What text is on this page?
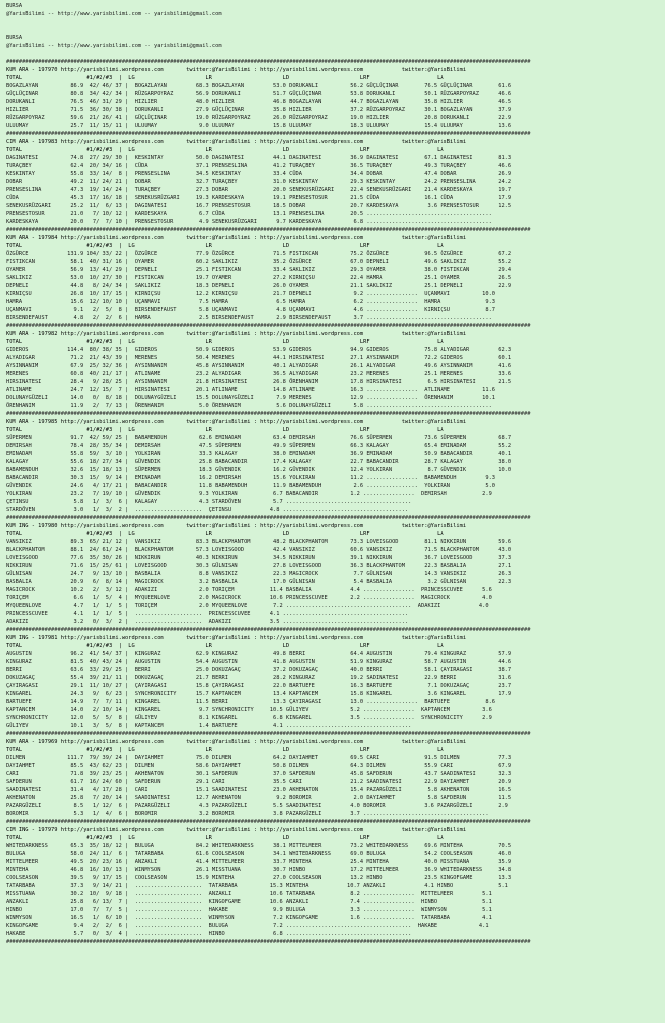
BURSA
@YarisBilimi -- http://www.yarisbilimi.com -- yarisbilimi@gmail.com
BURSA
@YarisBilimi -- http://www.yarisbilimi.com -- yarisbilimi@gmail.com
###################################################################################################################################################################
KUM ARA - 197970 http://yarisbilimi.wordpress.com       twitter:@YarisBilimi : http://yarisbilimi.wordpress.com            twitter:@YarisBilimi
TOTAL                    #1/#2/#3  |  LG                      LR                      LD                      LRF                     LA
BOGAZLAYAN          86.9  42/ 46/ 37 |  BOGAZLAYAN         68.3 BOGAZLAYAN         53.0 DORUKANLI          56.2 GÜÇLÜÇINAR        76.5 GÜÇLÜÇINAR        61.6
GÜÇLÜÇINAR          80.8  34/ 42/ 34 |  RÜZGARPOYRAZ       56.9 DORUKANLI          51.7 GÜÇLÜÇINAR         53.8 DORUKANLI         50.1 RÜZGARPOYRAZ      46.6
DORUKANLI           76.5  46/ 31/ 29 |  HIZLIER            48.0 HIZLIER            46.8 BOGAZLAYAN         44.7 BOGAZLAYAN        35.8 HIZLIER           46.5
HIZLIER             71.5  36/ 30/ 38 |  DORUKANLI          27.9 GÜÇLÜÇINAR         35.8 HIZLIER            37.2 RÜZGARPOYRAZ      30.1 BOGAZLAYAN        37.9
RÜZGARPOYRAZ        59.6  21/ 26/ 41 |  GÜÇLÜÇINAR         19.0 RÜZGARPOYRAZ       26.0 RÜZGARPOYRAZ       19.0 HIZLIER           20.8 DORUKANLI         22.9
ULUUMAY             25.7  11/ 15/ 11 |  ULUUMAY             9.0 ULUUMAY            15.8 ULUUMAY            18.3 ULUUMAY           15.4 ULUUMAY           13.6
###################################################################################################################################################################
CIM ARA - 197983 http://yarisbilimi.wordpress.com       twitter:@YarisBilimi : http://yarisbilimi.wordpress.com            twitter:@YarisBilimi
TOTAL                    #1/#2/#3  |  LG                      LR                      LD                      LRF                     LA
DAGINATESI          74.8  27/ 29/ 30 |  KESKINTAY          50.0 DAGINATESI         44.1 DAGINATESI         36.9 DAGINATESI        67.1 DAGINATESI        81.3
TURAÇBEY            62.4  20/ 34/ 16 |  CÜDA               37.1 PRENSESLINA        41.2 TURAÇBEY           36.5 TURAÇBEY          49.3 TURAÇBEY          46.6
KESKINTAY           55.8  33/ 14/  8 |  PRENSESLINA        34.5 KESKINTAY          33.4 CÜDA               34.4 DOBAR             47.4 DOBAR             26.9
DOBAR               49.2  11/ 24/ 21 |  DOBAR              32.7 TURAÇBEY           31.0 KESKINTAY          29.3 KESKINTAY         24.2 PRENSESLINA       24.2
PRENSESLINA         47.3  19/ 14/ 24 |  TURAÇBEY           27.3 DOBAR              20.0 SENEKUSRÜZGARI     22.4 SENEKUSRÜZGARI    21.4 KARDESKAYA        19.7
CÜDA                45.3  17/ 16/ 18 |  SENEKUSRÜZGARI     19.3 KARDESKAYA         19.1 PRENSESTOSUR       21.5 CÜDA              16.1 CÜDA              17.9
SENEKUSRÜZGARI      25.2  11/  6/ 13 |  DAGINATESI         16.7 PRENSESTOSUR       18.5 DOBAR              20.7 KARDESKAYA         3.6 PRENSESTOSUR      12.5
PRENSESTOSUR        21.0   7/ 10/ 12 |  KARDESKAYA          6.7 CÜDA               13.1 PRENSESLINA        20.5 .......................................
KARDESKAYA          20.0   7/  7/ 10 |  PRENSESTOSUR        4.9 SENEKUSRÜZGARI      9.7 KARDESKAYA          6.8 .......................................
###################################################################################################################################################################
KUM ARA - 197984 http://yarisbilimi.wordpress.com       twitter:@YarisBilimi : http://yarisbilimi.wordpress.com            twitter:@YarisBilimi
TOTAL                    #1/#2/#3  |  LG                      LR                      LD                      LRF                     LA
ÖZGÜRCE            131.9 104/ 33/ 22 |  ÖZGÜRCE            77.9 ÖZGÜRCE            71.5 FISTIKCAN          75.2 ÖZGÜRCE           96.5 ÖZGÜRCE           67.2
FISTIKCAN           58.1  40/ 31/ 16 |  OYAMER             60.2 SAKLIKIZ           35.2 ÖZGÜRCE            67.0 DEPNELI           49.6 SAKLIKIZ          55.2
OYAMER              56.9  13/ 41/ 29 |  DEPNELI            25.1 FISTIKCAN          33.4 SAKLIKIZ           29.3 OYAMER            38.0 FISTIKCAN         29.4
SAKLIKIZ            53.0  10/ 27/ 30 |  FISTIKCAN          19.7 OYAMER             27.2 KIRNIÇSU           22.4 HAMRA             25.1 OYAMER            26.5
DEPNELI             44.8   8/ 24/ 34 |  SAKLIKIZ           18.3 DEPNELI            26.0 OYAMER             21.1 SAKLIKIZ          25.1 DEPNELI           22.9
KIRNIÇSU            26.8  10/ 17/ 15 |  KIRNIÇSU           12.2 KIRNIÇSU           21.7 DEPNELI             9.2 ................  UÇANMAVI          10.0
HAMRA               15.6  12/ 10/ 10 |  UÇANMAVI            7.5 HAMRA               6.5 HAMRA               6.2 ................  HAMRA              9.3
UÇANMAVI             9.1   2/  5/  8 |  BIRSENDEFAUST       5.8 UÇANMAVI            4.8 UÇANMAVI            4.6 ................  KIRNIÇSU           8.7
BIRSENDEFAUST        4.8   2/  2/  6 |  HAMRA               2.5 BIRSENDEFAUST       2.9 BIRSENDEFAUST       3.7 .......................................
###################################################################################################################################################################
KUM ARA - 197982 http://yarisbilimi.wordpress.com       twitter:@YarisBilimi : http://yarisbilimi.wordpress.com            twitter:@YarisBilimi
TOTAL                    #1/#2/#3  |  LG                      LR                      LD                      LRF                     LA
GIDEROS            114.4  80/ 38/ 35 |  GIDEROS            50.9 GIDEROS            53.9 GIDEROS            94.9 GIDEROS           75.8 ALYADIGAR         62.3
ALYADIGAR           71.2  21/ 43/ 39 |  MERENES            50.4 MERENES            44.1 HIRSINATESI        27.1 AYSINNANIM        72.2 GIDEROS           60.1
AYSINNANIM          67.9  25/ 32/ 36 |  AYSINNANIM         45.8 AYSINNANIM         40.1 ALYADIGAR          26.1 ALYADIGAR         49.6 AYSINNANIM        41.6
MERENES             60.8  40/ 21/ 17 |  ATLINAME           23.2 ALYADIGAR          36.5 ALYADIGAR          23.2 MERENES           25.1 MERENES           33.6
HIRSINATESI         28.4   9/ 28/ 25 |  AYSINNANIM         21.8 HIRSINATESI        26.8 ÖRENHANIM          17.8 HIRSINATESI        6.5 HIRSINATESI       21.5
ATLINAME            24.7  12/ 15/  7 |  HIRSINATESI        20.1 ATLINAME           14.8 ATLINAME           16.3 ................  ATLINAME          11.6
DOLUNAYGÜZELI       14.0   0/  8/ 18 |  DOLUNAYGÜZELI      15.5 DOLUNAYGÜZELI       7.9 MERENES            12.9 ................  ÖRENHANIM         10.1
ÖRENHANIM           11.9   2/  7/ 13 |  ÖRENHANIM           5.0 ÖRENHANIM           5.6 DOLUNAYGÜZELI       5.8 .......................................
###################################################################################################################################################################
KUM ARA - 197985 http://yarisbilimi.wordpress.com       twitter:@YarisBilimi : http://yarisbilimi.wordpress.com            twitter:@YarisBilimi
TOTAL                    #1/#2/#3  |  LG                      LR                      LD                      LRF                     LA
SÜPERMEN            91.7  42/ 59/ 25 |  BABAMENDUH          62.6 EMINADAM          63.4 DEMIRSAH           76.6 SÜPERMEN          73.6 SÜPERMEN          68.7
DEMIRSAH            78.4  28/ 35/ 34 |  DEMIRSAH            47.5 SÜPERMEN          49.9 SÜPERMEN           66.3 KALAGAY           65.4 EMINADAM          55.2
EMINADAM            55.8  59/  3/ 10 |  YOLKIRAN            33.3 KALAGAY           38.0 EMINADAM           36.9 EMINADAM          50.9 BABACANDIR        40.1
KALAGAY             55.6  18/ 27/ 34 |  GÜVENDIK            25.8 BABACANDIR        17.4 KALAGAY            22.7 BABACANDIR        28.7 KALAGAY           38.0
BABAMENDUH          32.6  15/ 18/ 13 |  SÜPERMEN            18.3 GÜVENDIK          16.2 GÜVENDIK           12.4 YOLKIRAN           8.7 GÜVENDIK          10.0
BABACANDIR          30.3  15/  9/ 14 |  EMINADAM            16.2 DEMIRSAH          15.6 YOLKIRAN           11.2 ................  BABAMENDUH         9.3
GÜVENDIK            24.6   4/ 17/ 21 |  BABACANDIR          11.8 BABAMENDUH        11.9 BABAMENDUH          2.6 ................  YOLKIRAN           5.0
YOLKIRAN            23.2   7/ 19/ 10 |  GÜVENDIK            9.3 YOLKIRAN           6.7 BABACANDIR          1.2 ................  DEMIRSAH           2.9
ÇETINSU              5.8   1/  3/  6 |  KALAGAY             4.3 STARDÖVEN          5.7 .......................................
STARDÖVEN            3.0   1/  3/  2 |  .....................  ÇETINSU            4.8 .......................................
###################################################################################################################################################################
KUM ING - 197980 http://yarisbilimi.wordpress.com       twitter:@YarisBilimi : http://yarisbilimi.wordpress.com            twitter:@YarisBilimi
TOTAL                    #1/#2/#3  |  LG                      LR                      LD                      LRF                     LA
VANSIKIZ            89.3  65/ 21/ 12 |  VANSIKIZ           83.3 BLACKPHANTOM       48.2 BLACKPHANTOM       73.3 LOVEISGOOD        81.1 NIKKIRUN          59.6
BLACKPHANTOM        88.1  24/ 61/ 24 |  BLACKPHANTOM       57.3 LOVEISGOOD         42.4 VANSIKIZ           60.6 VANSIKIZ          71.5 BLACKPHANTOM      43.0
LOVEISGOOD          77.6  35/ 30/ 26 |  NIKKIRUN           40.3 NIKKIRUN           34.5 NIKKIRUN           39.1 NIKKIRUN          36.7 LOVEISGOOD        37.3
NIKKIRUN            71.6  15/ 25/ 61 |  LOVEISGOOD         30.3 GÜLNISAN           27.8 LOVEISGOOD         36.3 BLACKPHANTOM      22.3 BASBALIA          27.1
GÜLNISAN            24.7   9/ 13/ 10 |  BASBALIA            8.8 VANSIKIZ           22.3 MAGICROCK           7.7 GÜLNISAN          14.3 VANSIKIZ          26.3
BASBALIA            20.9   6/  8/ 14 |  MAGICROCK           3.2 BASBALIA           17.0 GÜLNISAN            5.4 BASBALIA           3.2 GÜLNISAN          22.3
MAGICROCK           10.2   2/  3/ 12 |  ADAKIZI             2.0 TORIÇEM           11.4 BASBALIA            4.4 ................  PRINCESSCUVEE      5.6
TORIÇEM              6.6   1/  5/  4 |  MYQUEENLOVE         2.0 MAGICROCK         10.6 PRINCESSCUVEE       2.2 ................  MAGICROCK          4.0
MYQUEENLOVE          4.7   1/  1/  5 |  TORIÇEM             2.0 MYQUEENLOVE        7.2 .......................................  ADAKIZI            4.0
PRINCESSCUVEE        4.1   1/  1/  5 |  .....................  PRINCESSCUVEE      4.1 .......................................
ADAKIZI              3.2   0/  3/  2 |  .....................  ADAKIZI            3.5 .......................................
###################################################################################################################################################################
KUM ING - 197981 http://yarisbilimi.wordpress.com       twitter:@YarisBilimi : http://yarisbilimi.wordpress.com            twitter:@YarisBilimi
TOTAL                    #1/#2/#3  |  LG                      LR                      LD                      LRF                     LA
AUGUSTIN            96.2  41/ 54/ 37 |  KINGURAZ           62.9 KINGURAZ           49.8 BERRI              64.4 AUGUSTIN          79.4 KINGURAZ          57.9
KINGURAZ            81.5  40/ 43/ 24 |  AUGUSTIN           54.4 AUGUSTIN           41.8 AUGUSTIN           51.9 KINGURAZ          58.7 AUGUSTIN          44.6
BERRI               63.6  33/ 29/ 25 |  BERRI              25.0 DOKUZAGAÇ          37.2 DOKUZAGAÇ          40.0 BERRI             58.1 ÇAYIRAGASI        38.7
DOKUZAGAÇ           55.4  39/ 21/ 11 |  DOKUZAGAÇ          21.7 BERRI              28.2 KINGURAZ           19.2 SADINATESI        22.9 BERRI             31.6
ÇAYIRAGASI          29.1  11/ 10/ 27 |  ÇAYIRAGASI         15.8 ÇAYIRAGASI         22.0 BARTUEFE           16.3 BARTUEFE           7.1 DOKUZAGAÇ         23.7
KINGAREL            24.3   9/  6/ 23 |  SYNCHRONICITY      15.7 KAPTANCEM          13.4 KAPTANCEM          15.8 KINGAREL           3.6 KINGAREL          17.9
BARTUEFE            14.9   7/  7/ 11 |  KINGAREL           11.5 BERRI              13.3 ÇAYIRAGASI         13.0 ................  BARTUEFE           8.6
KAPTANCEM           14.0   2/ 10/ 14 |  KINGAREL            9.7 SYNCHRONICITY     10.5 GÜLIYEV             5.2 ................  KAPTANCEM          3.6
SYNCHRONICITY       12.0   5/  5/  8 |  GÜLIYEV             8.1 KINGAREL           6.8 KINGAREL            3.5 ................  SYNCHRONICITY      2.9
GÜLIYEV             10.1   3/  5/  8 |  KAPTANCEM           1.4 BARTUEFE           4.1 .......................................
###################################################################################################################################################################
KUM ARA - 197969 http://yarisbilimi.wordpress.com       twitter:@YarisBilimi : http://yarisbilimi.wordpress.com            twitter:@YarisBilimi
TOTAL                    #1/#2/#3  |  LG                      LR                      LD                      LRF                     LA
DILMEN             111.7  79/ 39/ 24 |  DAYIAHMET          75.0 DILMEN             64.2 DAYIAHMET          69.5 CARI              91.5 DILMEN            77.3
DAYIAHMET           85.5  43/ 62/ 23 |  DILMEN             58.6 DAYIAHMET          50.8 DILMEN             64.3 DILMEN            55.9 CARI              67.9
CARI                71.8  39/ 23/ 25 |  AKHENATON          30.1 SAFDERUN           37.0 SAFDERUN           45.8 SAFDERUN          43.7 SAADINATESI       32.3
SAFDERUN            61.7  16/ 24/ 60 |  SAFDERUN           29.1 CARI               35.5 CARI               21.2 SAADINATESI       22.9 DAYIAHMET         20.9
SAADINATESI         31.4   4/ 17/ 28 |  CARI               15.1 SAADINATESI        23.0 AKHENATON          15.4 PAZARGÜZELI        5.8 AKHENATON         16.5
AKHENATON           25.8   7/ 20/ 14 |  SAADINATESI        12.7 AKHENATON           9.2 BOROMIR             2.0 DAYIAHMET          5.8 SAFDERUN          11.5
PAZARGÜZELI          8.5   1/ 12/  6 |  PAZARGÜZELI         4.3 PAZARGÜZELI        5.5 SAADINATESI         4.0 BOROMIR            3.6 PAZARGÜZELI        2.9
BOROMIR              5.3   1/  4/  6 |  BOROMIR             3.2 BOROMIR            3.8 PAZARGÜZELI         3.7 .......................................
###################################################################################################################################################################
CIM ING - 197979 http://yarisbilimi.wordpress.com       twitter:@YarisBilimi : http://yarisbilimi.wordpress.com            twitter:@YarisBilimi
TOTAL                    #1/#2/#3  |  LG                      LR                      LD                      LRF                     LA
WHITEDARKNESS       65.3  35/ 18/ 12 |  BULUGA             84.2 WHITEDARKNESS      38.1 MITTELMEER         73.2 WHITEDARKNESS     69.6 MINTEHA           70.5
BULUGA              58.0  24/ 11/  6 |  TATARBABA          61.6 COOLSEASON         34.1 WHITEDARKNESS      69.0 BULUGA            54.2 COOLSEASON        46.0
MITTELMEER          49.5  20/ 23/ 16 |  ANZAKLI            41.4 MITTELMEER         33.7 MINTEHA            25.4 MINTEHA           40.0 MISSTUANA         35.9
MINTEHA             46.8  16/ 10/ 13 |  WINMYSON           26.1 MISSTUANA          30.7 HINBO              17.2 MITTELMEER        36.9 WHITEDARKNESS     34.8
COOLSEASON          39.5   9/ 17/ 15 |  COOLSEASON         15.9 MINTEHA            27.0 COOLSEASON         13.2 HINBO             23.5 KINGOFGAME        13.3
TATARBABA           37.3   9/ 14/ 21 |  .....................  TATARBABA          15.3 MINTEHA            10.7 ANZAKLI            4.1 HINBO              5.1
MISSTUANA           30.2  10/  9/ 18 |  .....................  ANZAKLI            10.6 TATARBABA           8.2 ................  MITTELMEER         5.1
ANZAKLI             25.8   6/ 13/  7 |  .....................  KINGOFGAME         10.6 ANZAKLI             7.4 ................  HINBO              5.1
HINBO               17.0   7/  7/  5 |  .....................  HAKABE              9.9 BULUGA              3.3 ................  WINMYSON           5.1
WINMYSON            16.5   1/  6/ 10 |  .....................  WINMYSON            7.2 KINGOFGAME          1.6 ................  TATARBABA          4.1
KINGOFGAME           9.4   2/  2/  6 |  .....................  BULUGA              7.2 .......................................  HAKABE             4.1
HAKABE               5.7   0/  3/  4 |  .....................  HINBO               6.8 .......................................
###################################################################################################################################################################
